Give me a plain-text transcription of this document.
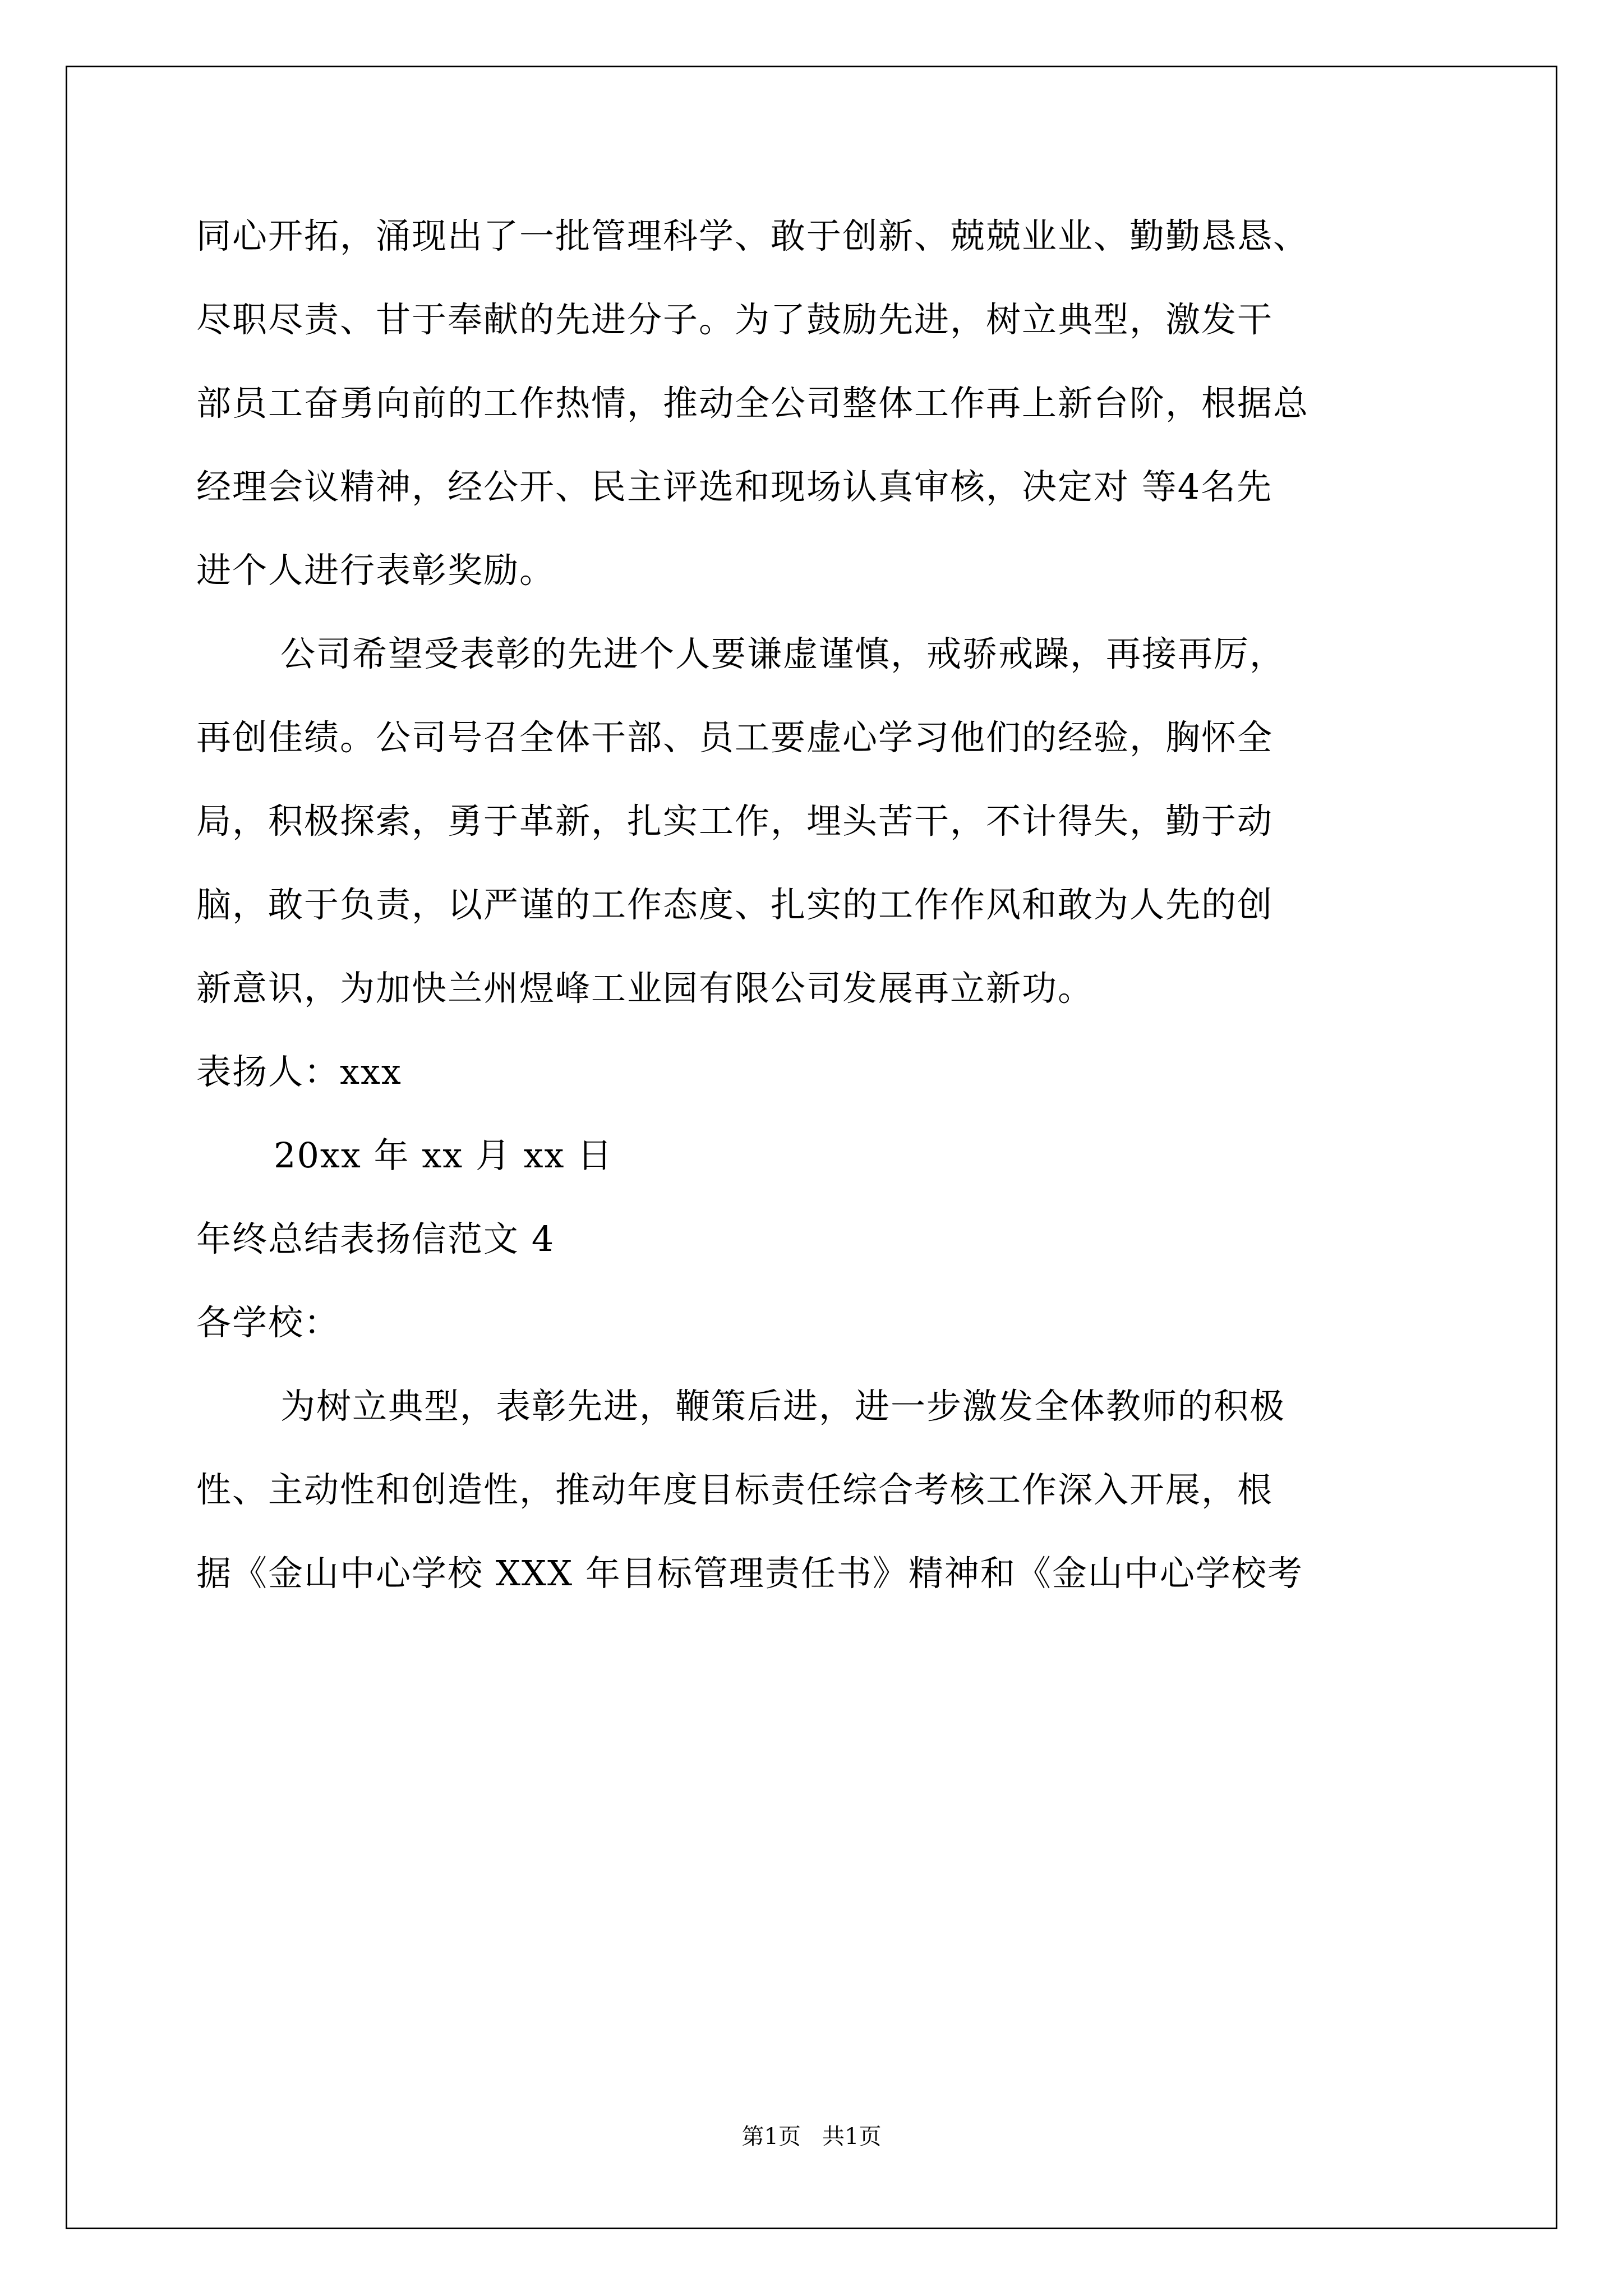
同心开拓，涌现出了一批管理科学、敢于创新、兢兢业业、勤勤恳恳、
尽职尽责、甘于奉献的先进分子。为了鼓励先进，树立典型，激发干
部员工奋勇向前的工作热情，推动全公司整体工作再上新台阶，根据总
经理会议精神，经公开、民主评选和现场认真审核，决定对 等4名先
进个人进行表彰奖励。
公司希望受表彰的先进个人要谦虚谨慎，戒骄戒躁，再接再厉，
再创佳绩。公司号召全体干部、员工要虚心学习他们的经验，胸怀全
局，积极探索，勇于革新，扎实工作，埋头苦干，不计得失，勤于动
脑，敢于负责，以严谨的工作态度、扎实的工作作风和敢为人先的创
新意识，为加快兰州煜峰工业园有限公司发展再立新功。
表扬人：xxx
20xx 年 xx 月 xx 日
年终总结表扬信范文 4
各学校：
为树立典型，表彰先进，鞭策后进，进一步激发全体教师的积极
性、主动性和创造性，推动年度目标责任综合考核工作深入开展，根
据《金山中心学校 XXX 年目标管理责任书》精神和《金山中心学校考
第1页   共1页
